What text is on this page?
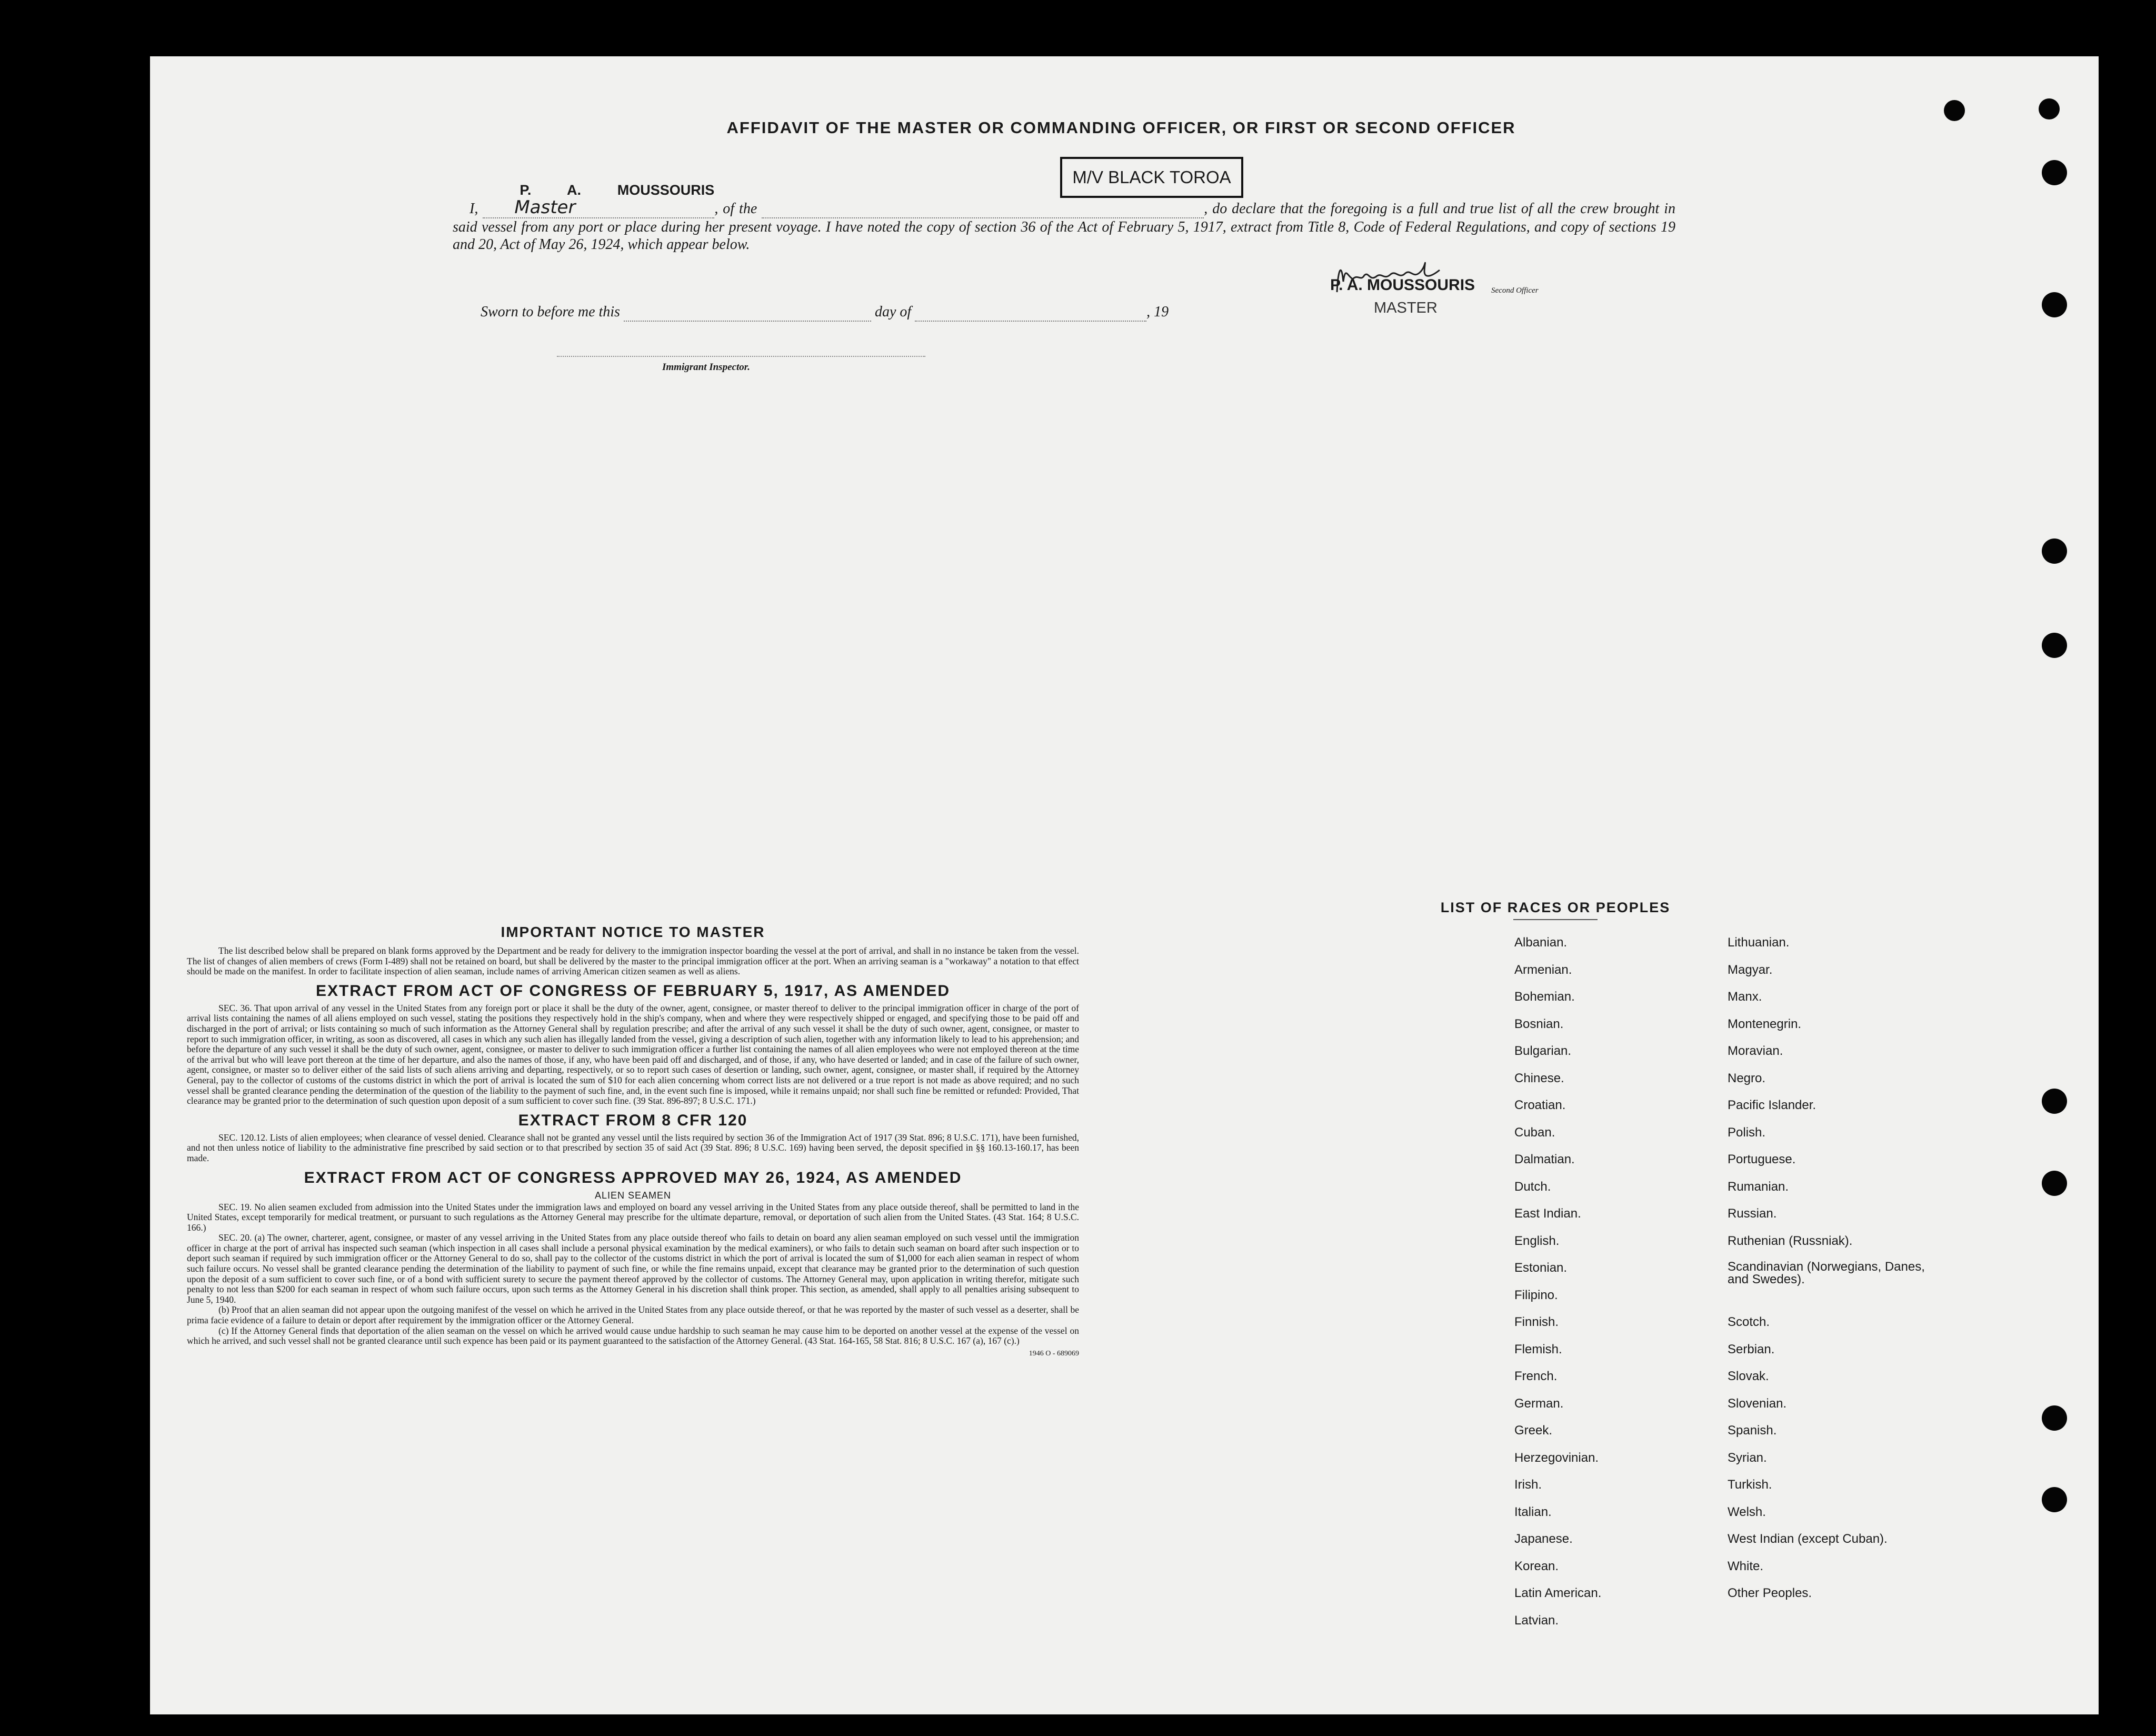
AFFIDAVIT OF THE MASTER OR COMMANDING OFFICER, OR FIRST OR SECOND OFFICER
I, P. A. MOUSSOURIS Master	, of the	, do declare that the foregoing is a full and true list of all the crew brought in said vessel from any port or place during her present voyage. I have noted the copy of section 36 of the Act of February 5, 1917, extract from Title 8, Code of Federal Regulations, and copy of sections 19 and 20, Act of May 26, 1924, which appear below.
M/V BLACK TOROA
Sworn to before me this	day of	, 19
Immigrant Inspector.
P. A. MOUSSOURIS Second Officer
MASTER
IMPORTANT NOTICE TO MASTER

The list described below shall be prepared on blank forms approved by the Department and be ready for delivery to the immigration inspector boarding the vessel at the port of arrival, and shall in no instance be taken from the vessel. The list of changes of alien members of crews (Form I-489) shall not be retained on board, but shall be delivered by the master to the principal immigration officer at the port. When an arriving seaman is a "workaway" a notation to that effect should be made on the manifest. In order to facilitate inspection of alien seaman, include names of arriving American citizen seamen as well as aliens.

EXTRACT FROM ACT OF CONGRESS OF FEBRUARY 5, 1917, AS AMENDED

SEC. 36. That upon arrival of any vessel in the United States from any foreign port or place it shall be the duty of the owner, agent, consignee, or master thereof to deliver to the principal immigration officer in charge of the port of arrival lists containing the names of all aliens employed on such vessel, stating the positions they respectively hold in the ship's company, when and where they were respectively shipped or engaged, and specifying those to be paid off and discharged in the port of arrival; or lists containing so much of such information as the Attorney General shall by regulation prescribe; and after the arrival of any such vessel it shall be the duty of such owner, agent, consignee, or master to report to such immigration officer, in writing, as soon as discovered, all cases in which any such alien has illegally landed from the vessel, giving a description of such alien, together with any information likely to lead to his apprehension; and before the departure of any such vessel it shall be the duty of such owner, agent, consignee, or master to deliver to such immigration officer a further list containing the names of all alien employees who were not employed thereon at the time of the arrival but who will leave port thereon at the time of her departure, and also the names of those, if any, who have been paid off and discharged, and of those, if any, who have deserted or landed; and in case of the failure of such owner, agent, consignee, or master so to deliver either of the said lists of such aliens arriving and departing, respectively, or so to report such cases of desertion or landing, such owner, agent, consignee, or master shall, if required by the Attorney General, pay to the collector of customs of the customs district in which the port of arrival is located the sum of $10 for each alien concerning whom correct lists are not delivered or a true report is not made as above required; and no such vessel shall be granted clearance pending the determination of the question of the liability to the payment of such fine, and, in the event such fine is imposed, while it remains unpaid; nor shall such fine be remitted or refunded: Provided, That clearance may be granted prior to the determination of such question upon deposit of a sum sufficient to cover such fine. (39 Stat. 896-897; 8 U.S.C. 171.)

EXTRACT FROM 8 CFR 120

SEC. 120.12. Lists of alien employees; when clearance of vessel denied. Clearance shall not be granted any vessel until the lists required by section 36 of the Immigration Act of 1917 (39 Stat. 896; 8 U.S.C. 171), have been furnished, and not then unless notice of liability to the administrative fine prescribed by said section or to that prescribed by section 35 of said Act (39 Stat. 896; 8 U.S.C. 169) having been served, the deposit specified in §§ 160.13-160.17, has been made.

EXTRACT FROM ACT OF CONGRESS APPROVED MAY 26, 1924, AS AMENDED
ALIEN SEAMEN

SEC. 19. No alien seamen excluded from admission into the United States under the immigration laws and employed on board any vessel arriving in the United States from any place outside thereof, shall be permitted to land in the United States, except temporarily for medical treatment, or pursuant to such regulations as the Attorney General may prescribe for the ultimate departure, removal, or deportation of such alien from the United States. (43 Stat. 164; 8 U.S.C. 166.)

SEC. 20. (a) The owner, charterer, agent, consignee, or master of any vessel arriving in the United States from any place outside thereof who fails to detain on board any alien seaman employed on such vessel until the immigration officer in charge at the port of arrival has inspected such seaman (which inspection in all cases shall include a personal physical examination by the medical examiners), or who fails to detain such seaman on board after such inspection or to deport such seaman if required by such immigration officer or the Attorney General to do so, shall pay to the collector of the customs district in which the port of arrival is located the sum of $1,000 for each alien seaman in respect of whom such failure occurs. No vessel shall be granted clearance pending the determination of the liability to payment of such fine, or while the fine remains unpaid, except that clearance may be granted prior to the determination of such question upon the deposit of a sum sufficient to cover such fine, or of a bond with sufficient surety to secure the payment thereof approved by the collector of customs. The Attorney General may, upon application in writing therefor, mitigate such penalty to not less than $200 for each seaman in respect of whom such failure occurs, upon such terms as the Attorney General in his discretion shall think proper. This section, as amended, shall apply to all penalties arising subsequent to June 5, 1940.

(b) Proof that an alien seaman did not appear upon the outgoing manifest of the vessel on which he arrived in the United States from any place outside thereof, or that he was reported by the master of such vessel as a deserter, shall be prima facie evidence of a failure to detain or deport after requirement by the immigration officer or the Attorney General.

(c) If the Attorney General finds that deportation of the alien seaman on the vessel on which he arrived would cause undue hardship to such seaman he may cause him to be deported on another vessel at the expense of the vessel on which he arrived, and such vessel shall not be granted clearance until such expence has been paid or its payment guaranteed to the satisfaction of the Attorney General. (43 Stat. 164-165, 58 Stat. 816; 8 U.S.C. 167 (a), 167 (c).)

1946 O - 689069
LIST OF RACES OR PEOPLES
Albanian.
Armenian.
Bohemian.
Bosnian.
Bulgarian.
Chinese.
Croatian.
Cuban.
Dalmatian.
Dutch.
East Indian.
English.
Estonian.
Filipino.
Finnish.
Flemish.
French.
German.
Greek.
Herzegovinian.
Irish.
Italian.
Japanese.
Korean.
Latin American.
Latvian.
Lithuanian.
Magyar.
Manx.
Montenegrin.
Moravian.
Negro.
Pacific Islander.
Polish.
Portuguese.
Rumanian.
Russian.
Ruthenian (Russniak).
Scandinavian (Norwegians, Danes, and Swedes).
Scotch.
Serbian.
Slovak.
Slovenian.
Spanish.
Syrian.
Turkish.
Welsh.
West Indian (except Cuban).
White.
Other Peoples.
